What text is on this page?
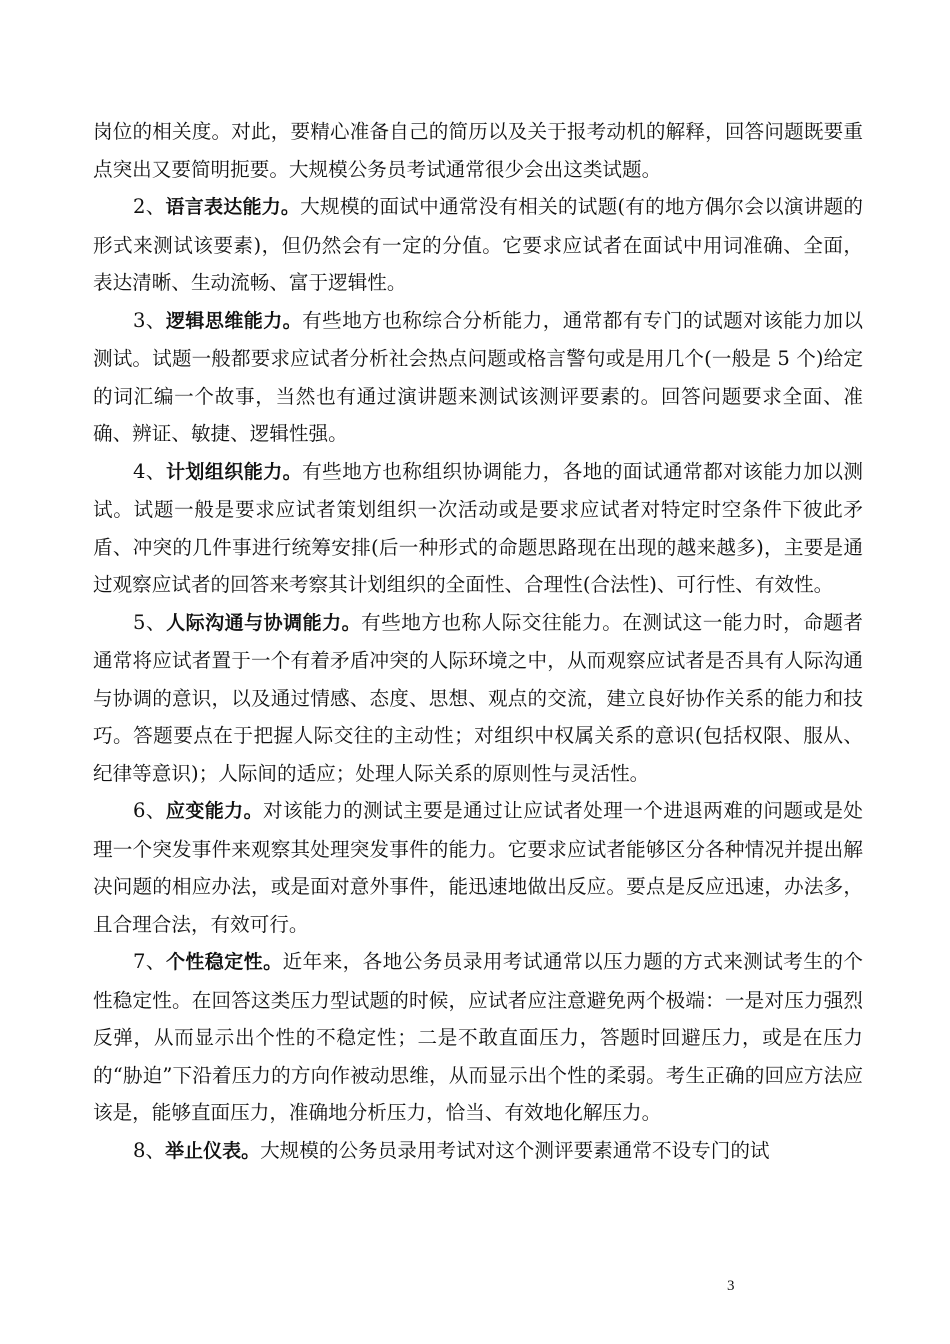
岗位的相关度。对此，要精心准备自己的简历以及关于报考动机的解释，回答问题既要重点突出又要简明扼要。大规模公务员考试通常很少会出这类试题。

2、语言表达能力。大规模的面试中通常没有相关的试题(有的地方偶尔会以演讲题的形式来测试该要素)，但仍然会有一定的分值。它要求应试者在面试中用词准确、全面，表达清晰、生动流畅、富于逻辑性。

3、逻辑思维能力。有些地方也称综合分析能力，通常都有专门的试题对该能力加以测试。试题一般都要求应试者分析社会热点问题或格言警句或是用几个(一般是 5 个)给定的词汇编一个故事，当然也有通过演讲题来测试该测评要素的。回答问题要求全面、准确、辨证、敏捷、逻辑性强。

4、计划组织能力。有些地方也称组织协调能力，各地的面试通常都对该能力加以测试。试题一般是要求应试者策划组织一次活动或是要求应试者对特定时空条件下彼此矛盾、冲突的几件事进行统筹安排(后一种形式的命题思路现在出现的越来越多)，主要是通过观察应试者的回答来考察其计划组织的全面性、合理性(合法性)、可行性、有效性。

5、人际沟通与协调能力。有些地方也称人际交往能力。在测试这一能力时，命题者通常将应试者置于一个有着矛盾冲突的人际环境之中，从而观察应试者是否具有人际沟通与协调的意识，以及通过情感、态度、思想、观点的交流，建立良好协作关系的能力和技巧。答题要点在于把握人际交往的主动性；对组织中权属关系的意识(包括权限、服从、纪律等意识)；人际间的适应；处理人际关系的原则性与灵活性。

6、应变能力。对该能力的测试主要是通过让应试者处理一个进退两难的问题或是处理一个突发事件来观察其处理突发事件的能力。它要求应试者能够区分各种情况并提出解决问题的相应办法，或是面对意外事件，能迅速地做出反应。要点是反应迅速，办法多，且合理合法，有效可行。

7、个性稳定性。近年来，各地公务员录用考试通常以压力题的方式来测试考生的个性稳定性。在回答这类压力型试题的时候，应试者应注意避免两个极端：一是对压力强烈反弹，从而显示出个性的不稳定性；二是不敢直面压力，答题时回避压力，或是在压力的“胁迫”下沿着压力的方向作被动思维，从而显示出个性的柔弱。考生正确的回应方法应该是，能够直面压力，准确地分析压力，恰当、有效地化解压力。

8、举止仪表。大规模的公务员录用考试对这个测评要素通常不设专门的试

3
